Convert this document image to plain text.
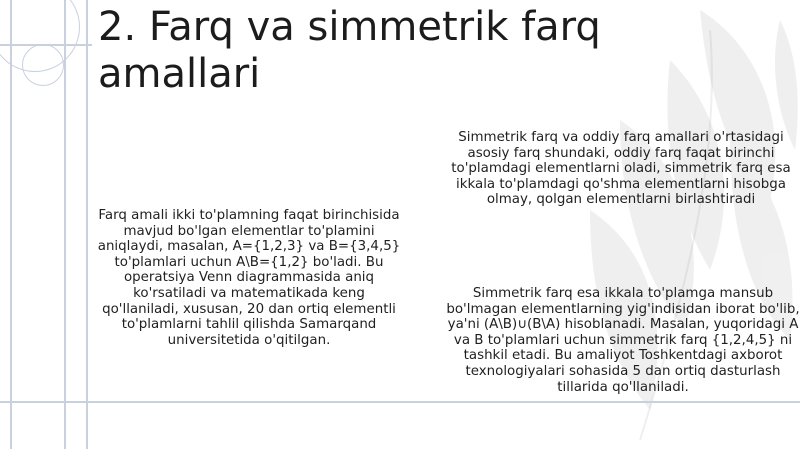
2. Farq va simmetrik farq amallari
Farq amali ikki to'plamning faqat birinchisida mavjud bo'lgan elementlar to'plamini aniqlaydi, masalan, A={1,2,3} va B={3,4,5} to'plamlari uchun A\B={1,2} bo'ladi. Bu operatsiya Venn diagrammasida aniq ko'rsatiladi va matematikada keng qo'llaniladi, xususan, 20 dan ortiq elementli to'plamlarni tahlil qilishda Samarqand universitetida o'qitilgan.
Simmetrik farq va oddiy farq amallari o'rtasidagi asosiy farq shundaki, oddiy farq faqat birinchi to'plamdagi elementlarni oladi, simmetrik farq esa ikkala to'plamdagi qo'shma elementlarni hisobga olmay, qolgan elementlarni birlashtiradi
Simmetrik farq esa ikkala to'plamga mansub bo'lmagan elementlarning yig'indisidan iborat bo'lib, ya'ni (A\B)∪(B\A) hisoblanadi. Masalan, yuqoridagi A va B to'plamlari uchun simmetrik farq {1,2,4,5} ni tashkil etadi. Bu amaliyot Toshkentdagi axborot texnologiyalari sohasida 5 dan ortiq dasturlash tillarida qo'llaniladi.
